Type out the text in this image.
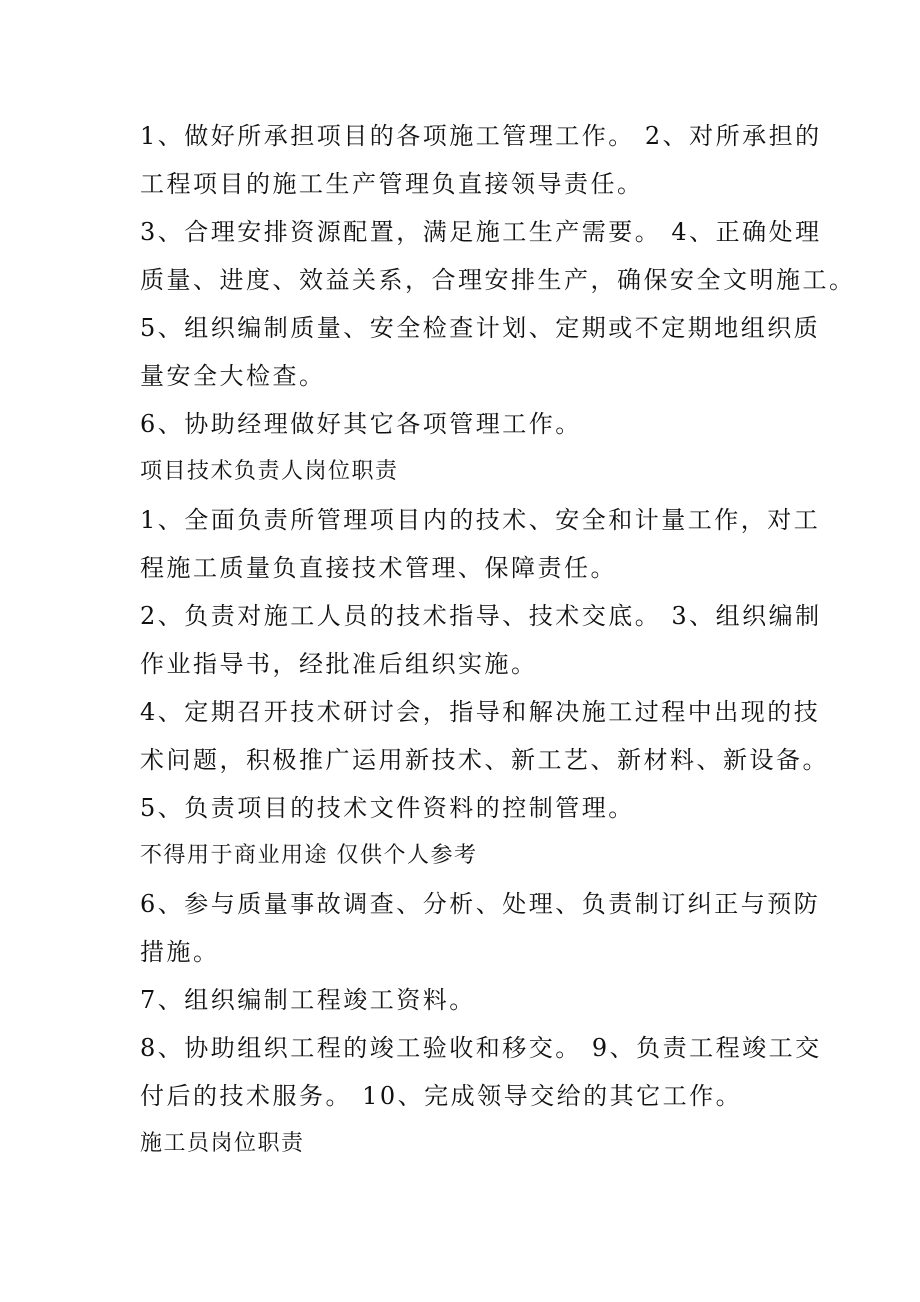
1、做好所承担项目的各项施工管理工作。 2、对所承担的
工程项目的施工生产管理负直接领导责任。
3、合理安排资源配置，满足施工生产需要。 4、正确处理
质量、进度、效益关系，合理安排生产，确保安全文明施工。
5、组织编制质量、安全检查计划、定期或不定期地组织质
量安全大检查。
6、协助经理做好其它各项管理工作。
项目技术负责人岗位职责
1、全面负责所管理项目内的技术、安全和计量工作，对工
程施工质量负直接技术管理、保障责任。
2、负责对施工人员的技术指导、技术交底。 3、组织编制
作业指导书，经批准后组织实施。
4、定期召开技术研讨会，指导和解决施工过程中出现的技
术问题，积极推广运用新技术、新工艺、新材料、新设备。
5、负责项目的技术文件资料的控制管理。
不得用于商业用途 仅供个人参考
6、参与质量事故调查、分析、处理、负责制订纠正与预防
措施。
7、组织编制工程竣工资料。
8、协助组织工程的竣工验收和移交。 9、负责工程竣工交
付后的技术服务。 10、完成领导交给的其它工作。
施工员岗位职责
